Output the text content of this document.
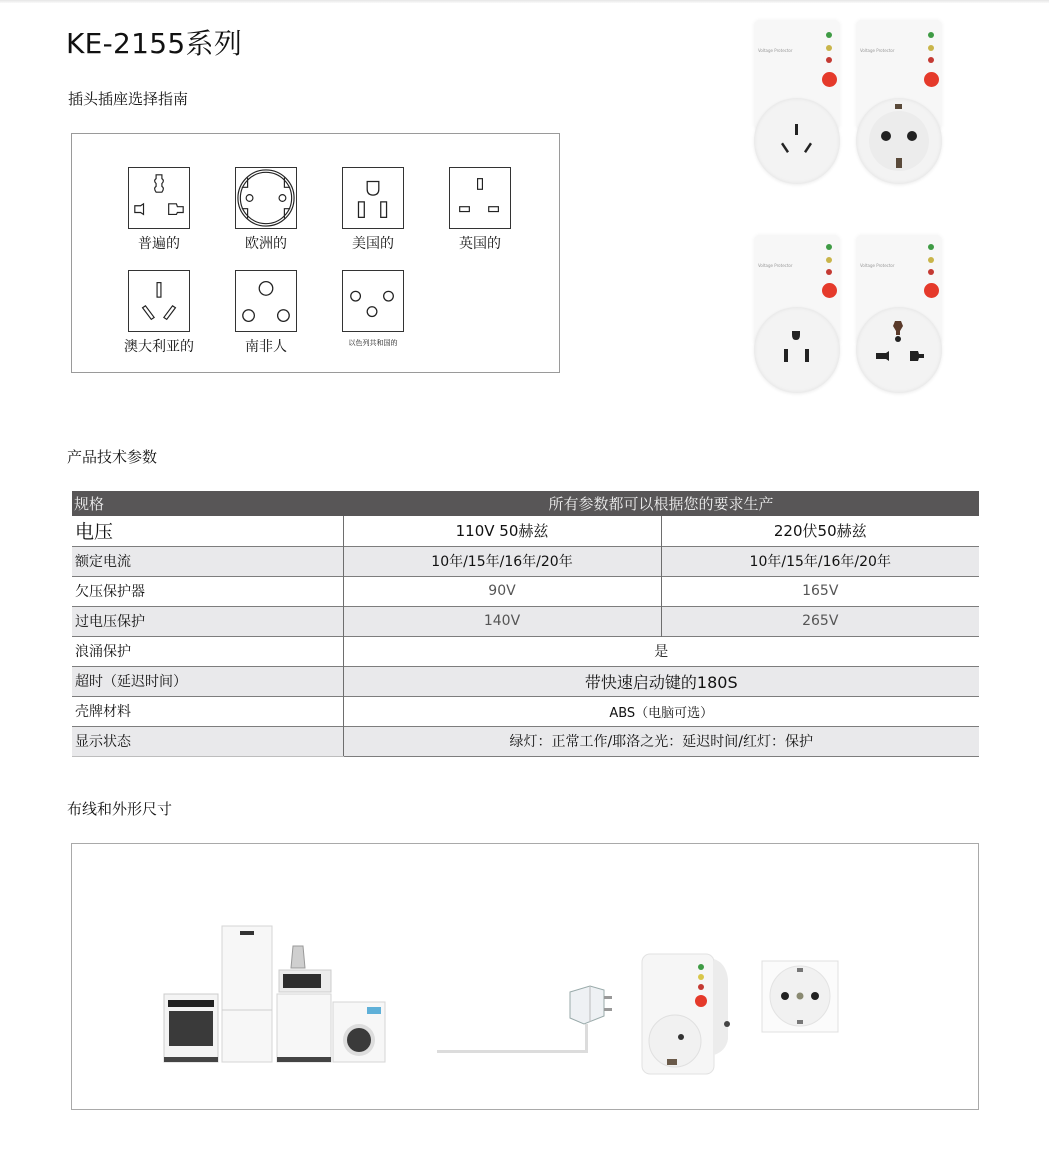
KE-2155系列
插头插座选择指南
普遍的	欧洲的	美国的	英国的
澳大利亚的	南非人	以色列共和国的
Voltage Protector	Voltage Protector
Voltage Protector	Voltage Protector
产品技术参数
规格	所有参数都可以根据您的要求生产	
电压	110V 50赫兹	220伏50赫兹
额定电流	10年/15年/16年/20年	10年/15年/16年/20年
欠压保护器	90V	165V
过电压保护	140V	265V
浪涌保护	是	
超时（延迟时间）	带快速启动键的180S	
壳牌材料	ABS（电脑可选）	
显示状态	绿灯：正常工作/耶洛之光：延迟时间/红灯：保护	
布线和外形尺寸
